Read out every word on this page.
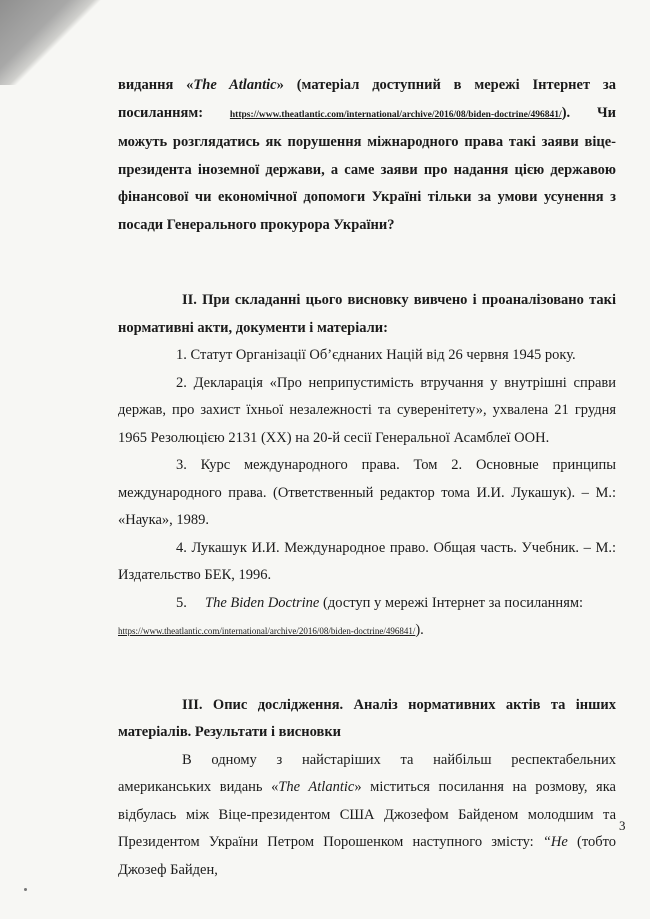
видання «The Atlantic» (матеріал доступний в мережі Інтернет за посиланням: https://www.theatlantic.com/international/archive/2016/08/biden-doctrine/496841/). Чи можуть розглядатись як порушення міжнародного права такі заяви віце-президента іноземної держави, а саме заяви про надання цією державою фінансової чи економічної допомоги Україні тільки за умови усунення з посади Генерального прокурора України?

II. При складанні цього висновку вивчено і проаналізовано такі нормативні акти, документи і матеріали:

1. Статут Організації Об’єднаних Націй від 26 червня 1945 року.

2. Декларація «Про неприпустимість втручання у внутрішні справи держав, про захист їхньої незалежності та суверенітету», ухвалена 21 грудня 1965 Резолюцією 2131 (ХХ) на 20-й сесії Генеральної Асамблеї ООН.

3. Курс международного права. Том 2. Основные принципы международного права. (Ответственный редактор тома И.И. Лукашук). – М.: «Наука», 1989.

4. Лукашук И.И. Международное право. Общая часть. Учебник. – М.: Издательство БЕК, 1996.

5. The Biden Doctrine (доступ у мережі Інтернет за посиланням:

https://www.theatlantic.com/international/archive/2016/08/biden-doctrine/496841/).

III. Опис дослідження. Аналіз нормативних актів та інших матеріалів. Результати і висновки

В одному з найстаріших та найбільш респектабельних американських видань «The Atlantic» міститься посилання на розмову, яка відбулась між Віце-президентом США Джозефом Байденом молодшим та Президентом України Петром Порошенком наступного змісту: “Не (тобто Джозеф Байден,

3
